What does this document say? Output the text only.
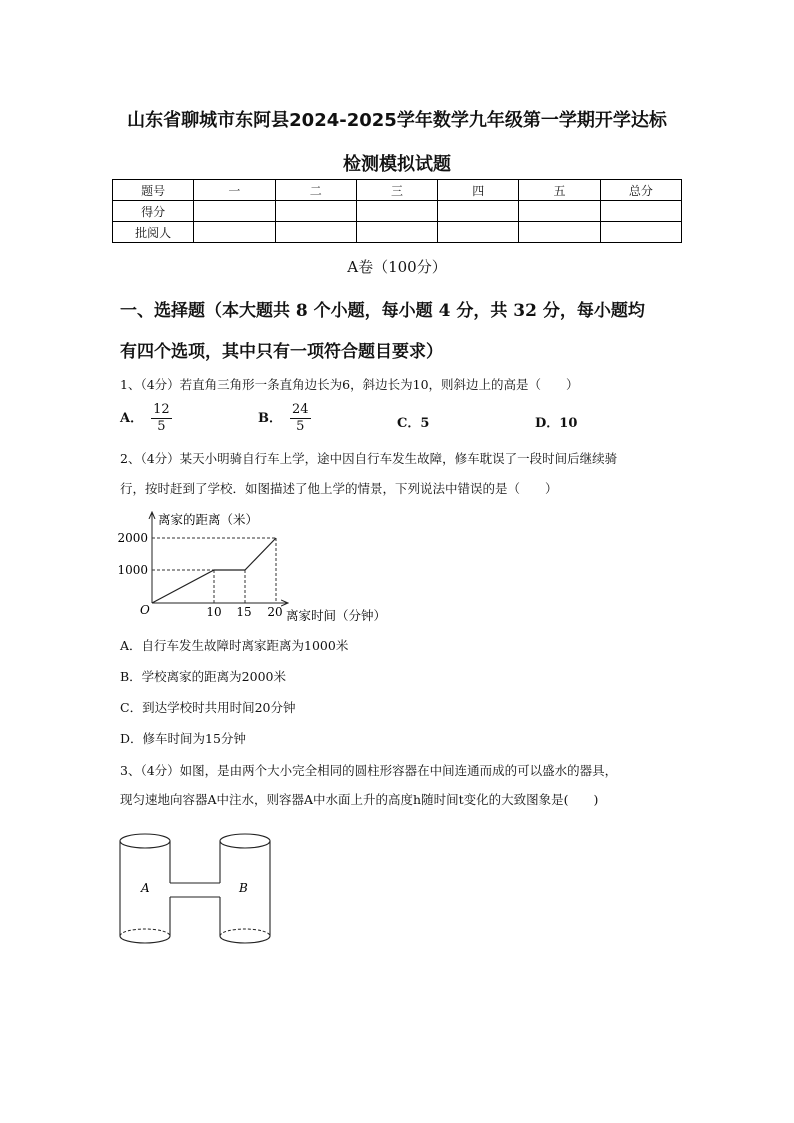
山东省聊城市东阿县2024-2025学年数学九年级第一学期开学达标
检测模拟试题
题号	一	二	三	四	五	总分
得分						
批阅人						
A卷（100分）
一、选择题（本大题共 8 个小题，每小题 4 分，共 32 分，每小题均
有四个选项，其中只有一项符合题目要求）
1、（4分）若直角三角形一条直角边长为6，斜边长为10，则斜边上的高是（　　）
A． $\frac{12}{5}$	B． $\frac{24}{5}$	C．5	D．10
2、（4分）某天小明骑自行车上学，途中因自行车发生故障，修车耽误了一段时间后继续骑
行，按时赶到了学校．如图描述了他上学的情景，下列说法中错误的是（　　）
离家的距离（米）
离家时间（分钟）
O
2000
1000
10 15 20
A．自行车发生故障时离家距离为1000米
B．学校离家的距离为2000米
C．到达学校时共用时间20分钟
D．修车时间为15分钟
3、（4分）如图，是由两个大小完全相同的圆柱形容器在中间连通而成的可以盛水的器具，
现匀速地向容器A中注水，则容器A中水面上升的高度h随时间t变化的大致图象是(　　)
A	B
